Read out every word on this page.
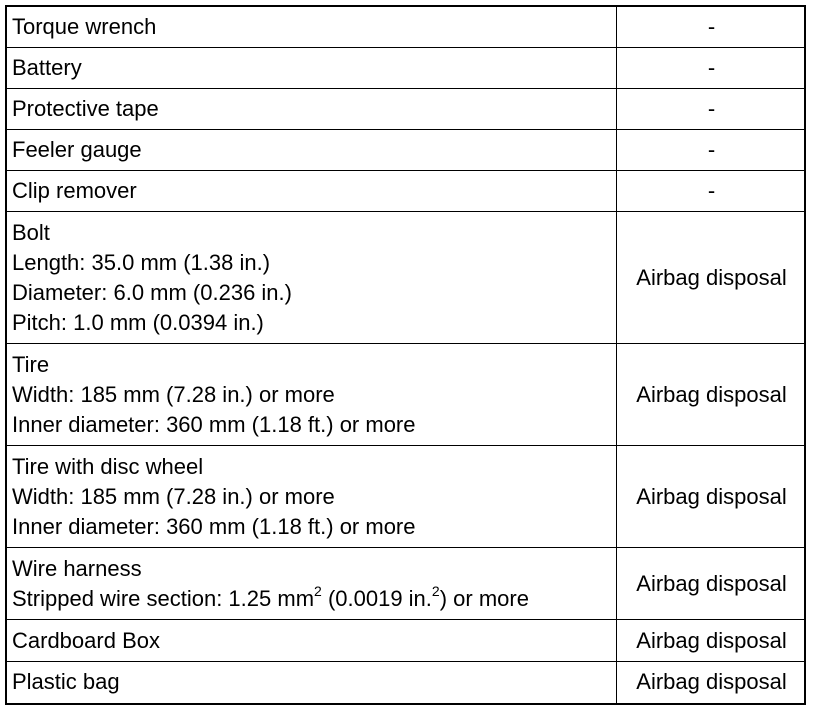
Torque wrench	-

Battery	-

Protective tape	-

Feeler gauge	-

Clip remover	-

Bolt
Length: 35.0 mm (1.38 in.)
Diameter: 6.0 mm (0.236 in.)
Pitch: 1.0 mm (0.0394 in.)	Airbag disposal

Tire
Width: 185 mm (7.28 in.) or more
Inner diameter: 360 mm (1.18 ft.) or more	Airbag disposal

Tire with disc wheel
Width: 185 mm (7.28 in.) or more
Inner diameter: 360 mm (1.18 ft.) or more	Airbag disposal

Wire harness
Stripped wire section: 1.25 $mm^2$ (0.0019 in.$^2$) or more	Airbag disposal

Cardboard Box	Airbag disposal

Plastic bag	Airbag disposal
